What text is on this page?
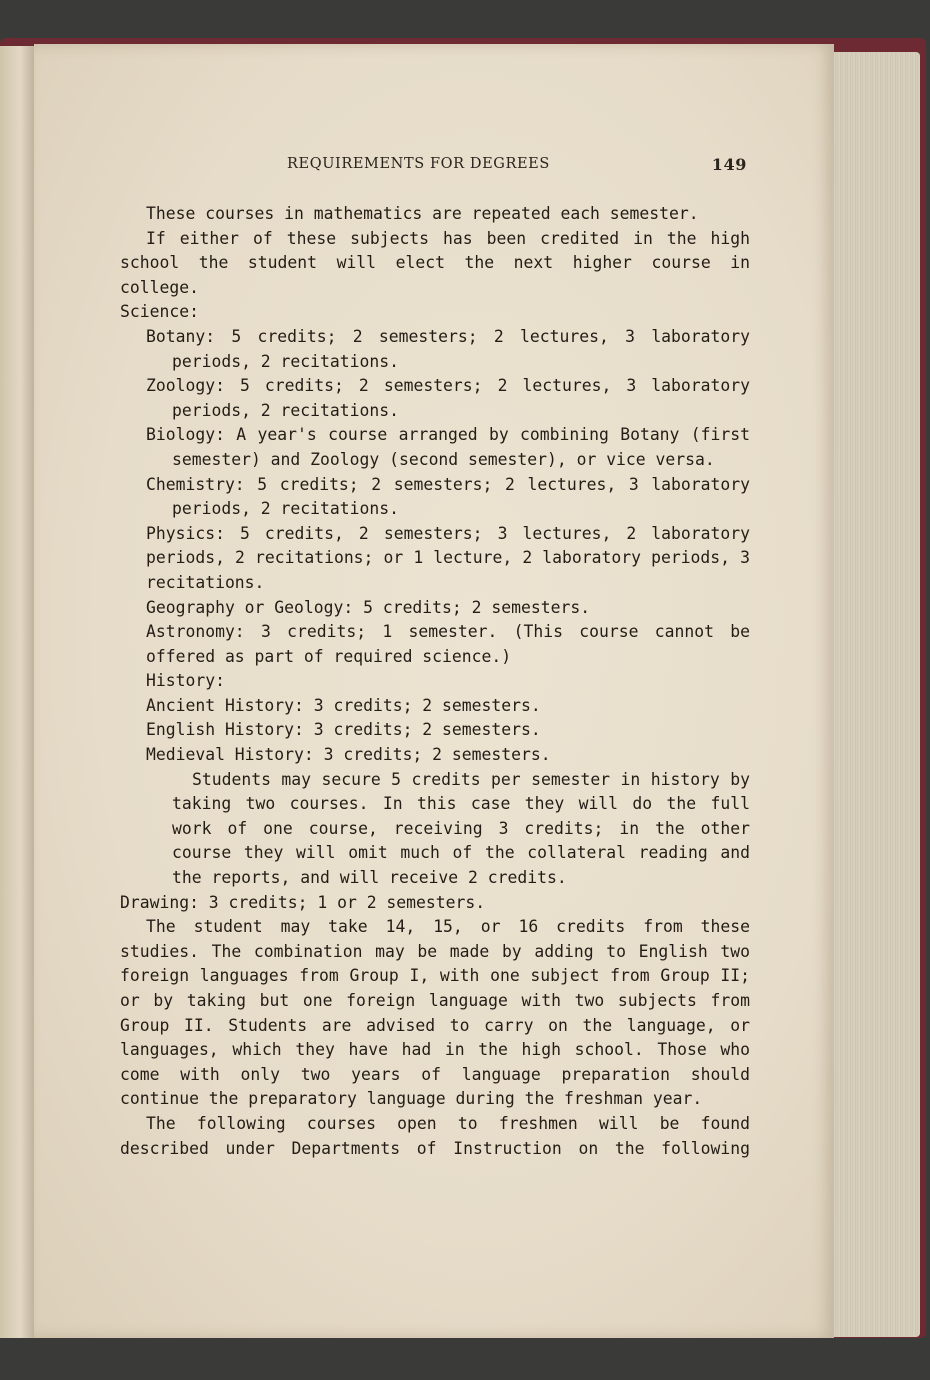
REQUIREMENTS FOR DEGREES	149

These courses in mathematics are repeated each semester.

If either of these subjects has been credited in the high school the student will elect the next higher course in college.

Science:

Botany: 5 credits; 2 semesters; 2 lectures, 3 laboratory periods, 2 recitations.

Zoology: 5 credits; 2 semesters; 2 lectures, 3 laboratory periods, 2 recitations.

Biology: A year's course arranged by combining Botany (first semester) and Zoology (second semester), or vice versa.

Chemistry: 5 credits; 2 semesters; 2 lectures, 3 laboratory periods, 2 recitations.

Physics: 5 credits, 2 semesters; 3 lectures, 2 laboratory periods, 2 recitations; or 1 lecture, 2 laboratory periods, 3 recitations.

Geography or Geology: 5 credits; 2 semesters.

Astronomy: 3 credits; 1 semester. (This course cannot be offered as part of required science.)

History:

Ancient History: 3 credits; 2 semesters.

English History: 3 credits; 2 semesters.

Medieval History: 3 credits; 2 semesters.

Students may secure 5 credits per semester in history by taking two courses. In this case they will do the full work of one course, receiving 3 credits; in the other course they will omit much of the collateral reading and the reports, and will receive 2 credits.

Drawing: 3 credits; 1 or 2 semesters.

The student may take 14, 15, or 16 credits from these studies. The combination may be made by adding to English two foreign languages from Group I, with one subject from Group II; or by taking but one foreign language with two subjects from Group II. Students are advised to carry on the language, or languages, which they have had in the high school. Those who come with only two years of language preparation should continue the preparatory language during the freshman year.

The following courses open to freshmen will be found described under Departments of Instruction on the following
